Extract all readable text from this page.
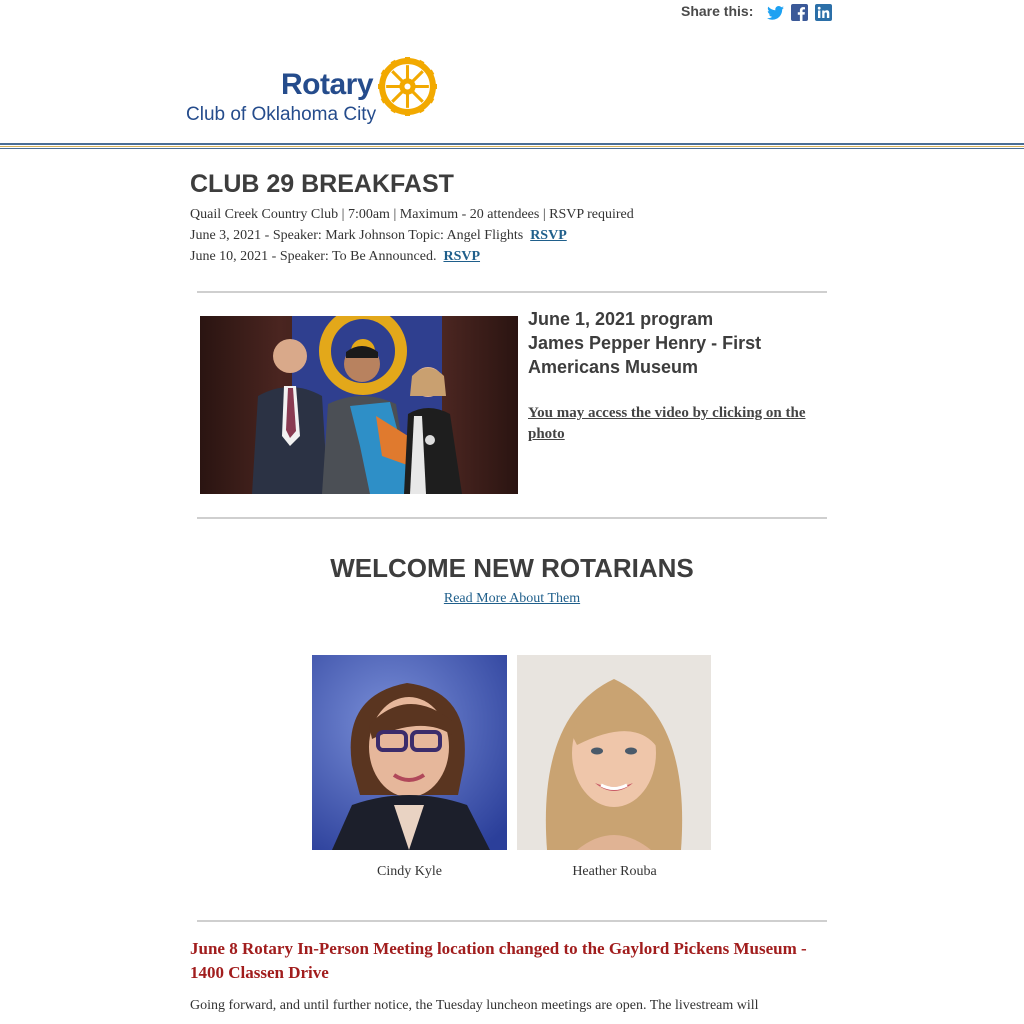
Share this:
Rotary
Club of Oklahoma City
CLUB 29 BREAKFAST
Quail Creek Country Club | 7:00am | Maximum - 20 attendees | RSVP required
June 3, 2021 - Speaker: Mark Johnson Topic: Angel Flights RSVP
June 10, 2021 - Speaker: To Be Announced. RSVP
June 1, 2021 program
James Pepper Henry - First Americans Museum
You may access the video by clicking on the photo
WELCOME NEW ROTARIANS
Read More About Them
Cindy Kyle	Heather Rouba
June 8 Rotary In-Person Meeting location changed to the Gaylord Pickens Museum - 1400 Classen Drive
Going forward, and until further notice, the Tuesday luncheon meetings are open. The livestream will
